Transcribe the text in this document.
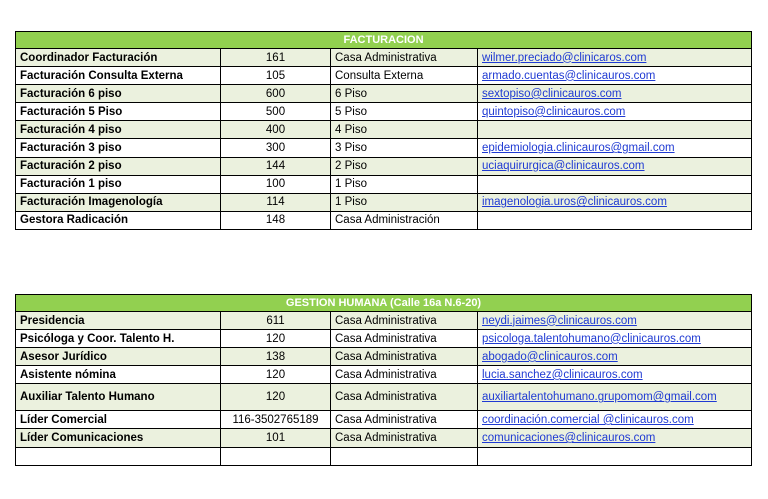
FACTURACION			
Coordinador Facturación	161	Casa Administrativa	wilmer.preciado@clinicaros.com
Facturación Consulta Externa	105	Consulta Externa	armado.cuentas@clinicauros.com
Facturación 6 piso	600	6 Piso	sextopiso@clinicauros.com
Facturación 5 Piso	500	5 Piso	quintopiso@clinicauros.com
Facturación 4 piso	400	4 Piso	
Facturación 3 piso	300	3 Piso	epidemiologia.clinicauros@gmail.com
Facturación 2 piso	144	2 Piso	uciaquirurgica@clinicauros.com
Facturación 1 piso	100	1 Piso	
Facturación Imagenología	114	1 Piso	imagenologia.uros@clinicauros.com
Gestora Radicación	148	Casa Administración	
GESTION HUMANA (Calle 16a N.6-20)			
Presidencia	611	Casa Administrativa	neydi.jaimes@clinicauros.com
Psicóloga y Coor. Talento H.	120	Casa Administrativa	psicologa.talentohumano@clinicauros.com
Asesor Jurídico	138	Casa Administrativa	abogado@clinicauros.com
Asistente nómina	120	Casa Administrativa	lucia.sanchez@clinicauros.com
Auxiliar Talento Humano	120	Casa Administrativa	auxiliartalentohumano.grupomom@gmail.com
Líder Comercial	116-3502765189	Casa Administrativa	coordinación.comercial @clinicauros.com
Líder Comunicaciones	101	Casa Administrativa	comunicaciones@clinicauros.com
